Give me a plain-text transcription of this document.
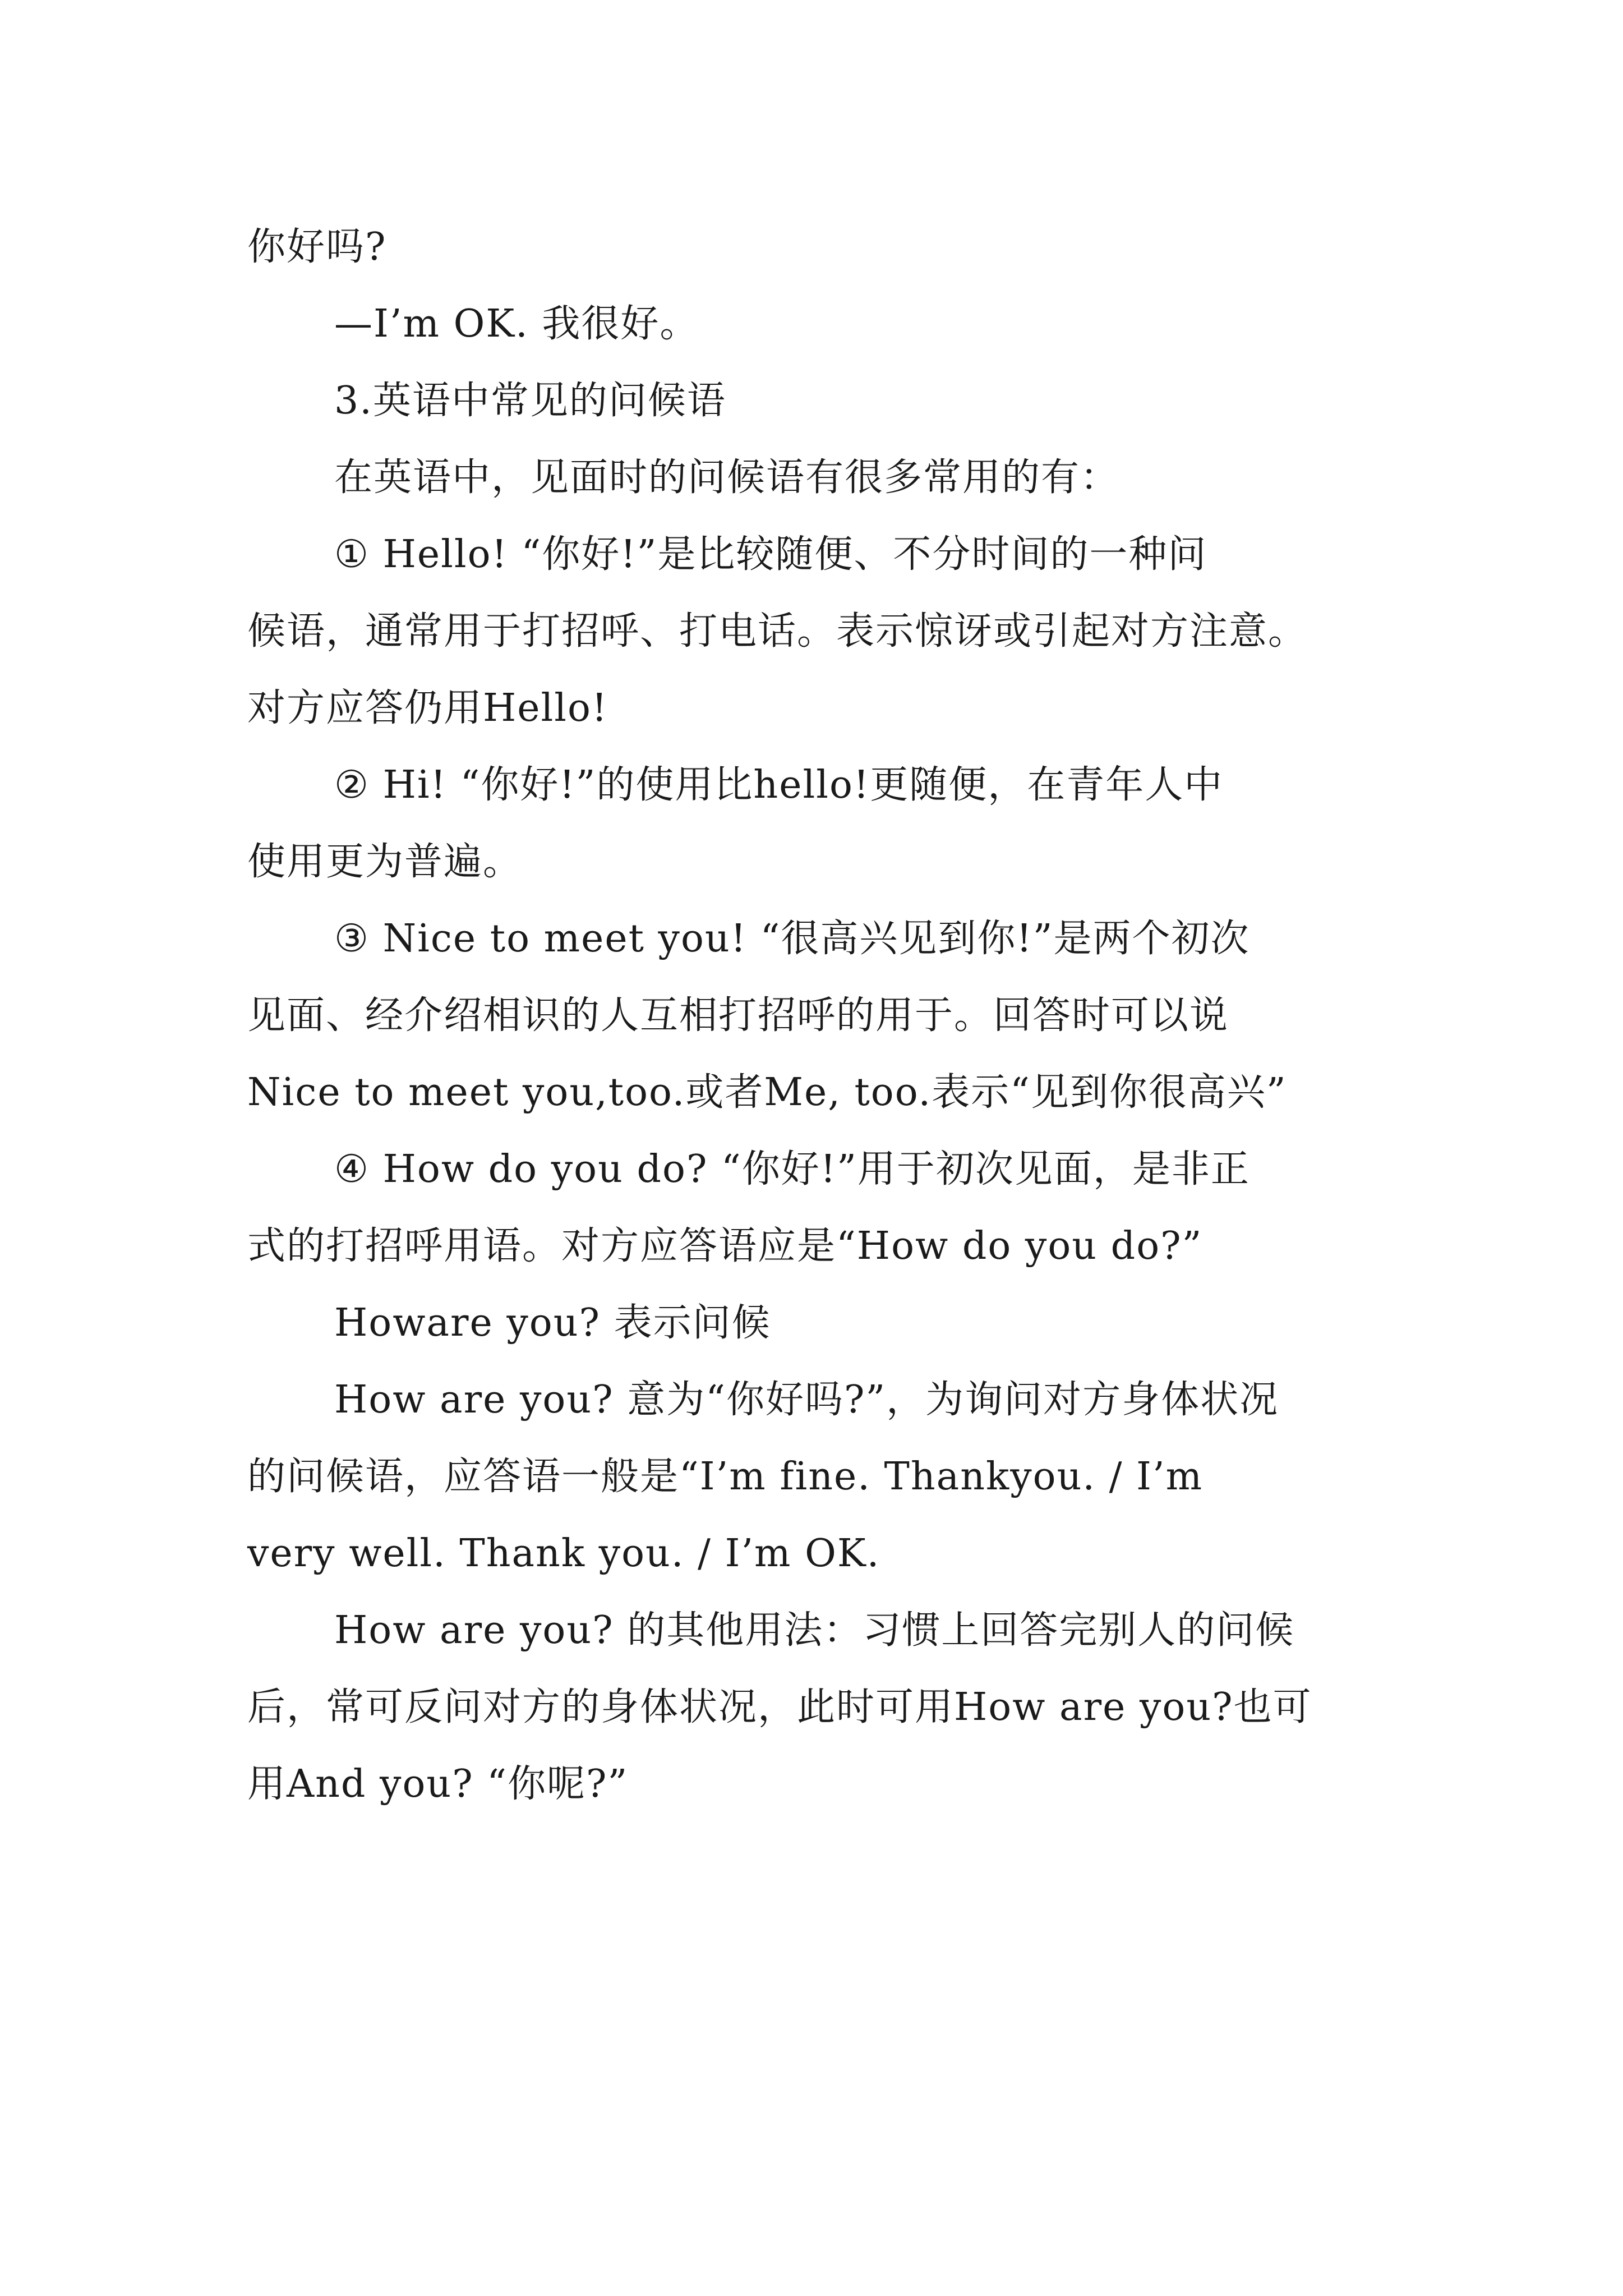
你好吗?
—I’m OK. 我很好。
3.英语中常见的问候语
在英语中，见面时的问候语有很多常用的有：
① Hello! “你好!”是比较随便、不分时间的一种问
候语，通常用于打招呼、打电话。表示惊讶或引起对方注意。
对方应答仍用Hello!
② Hi! “你好!”的使用比hello!更随便，在青年人中
使用更为普遍。
③ Nice to meet you! “很高兴见到你!”是两个初次
见面、经介绍相识的人互相打招呼的用于。回答时可以说
Nice to meet you,too.或者Me, too.表示“见到你很高兴”
④ How do you do? “你好!”用于初次见面，是非正
式的打招呼用语。对方应答语应是“How do you do?”
Howare you? 表示问候
How are you? 意为“你好吗?”，为询问对方身体状况
的问候语，应答语一般是“I’m fine. Thankyou. / I’m
very well. Thank you. / I’m OK.
How are you? 的其他用法：习惯上回答完别人的问候
后，常可反问对方的身体状况，此时可用How are you?也可
用And you? “你呢?”
